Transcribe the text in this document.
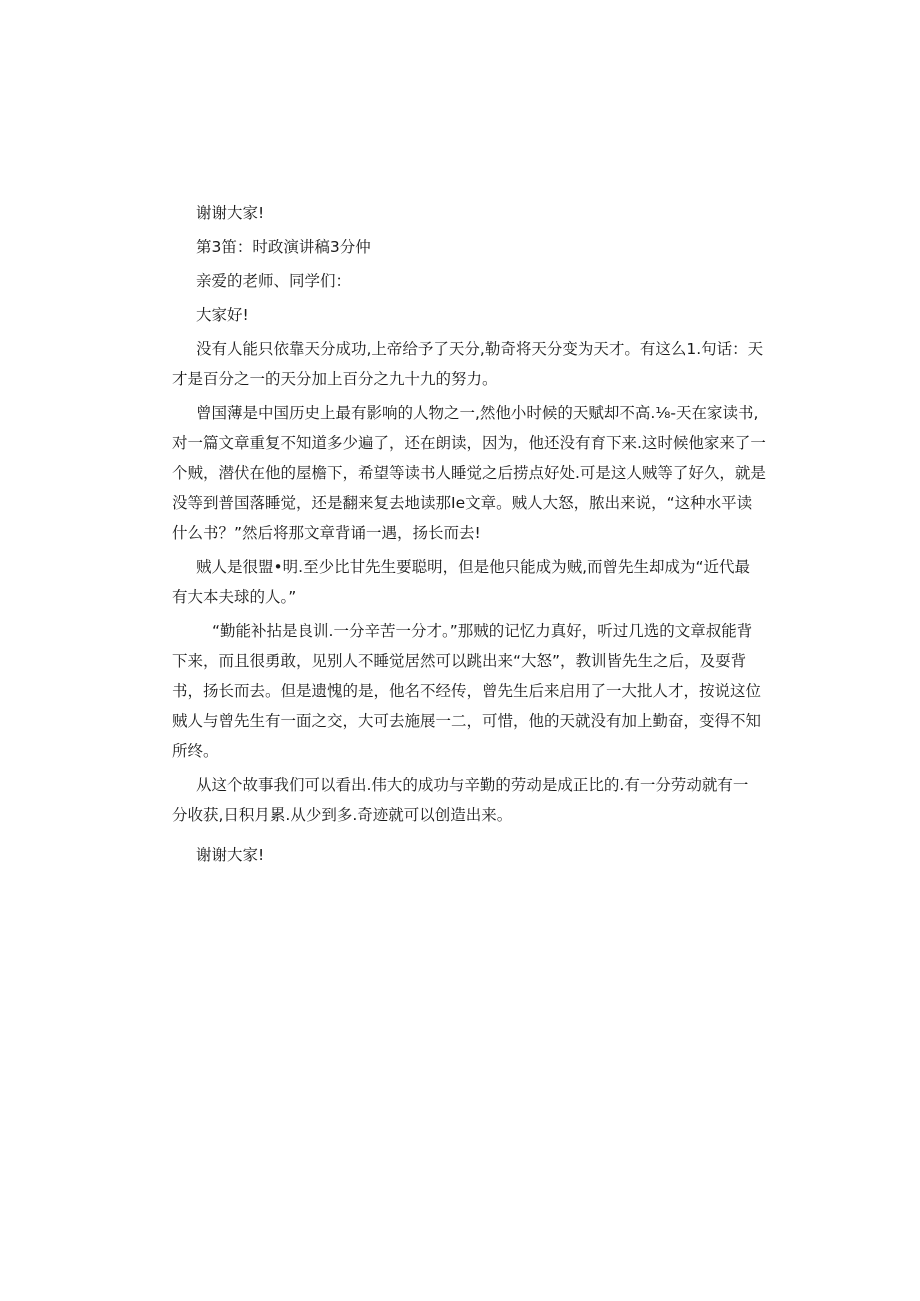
谢谢大家!
第3笛：时政演讲稿3分仲
亲爱的老师、同学们：
大家好!
没有人能只依靠天分成功,上帝给予了天分,勒奇将天分变为天才。有这么1.句话：天
才是百分之一的天分加上百分之九十九的努力。
曾国薄是中国历史上最有影响的人物之一,然他小时候的天赋却不高.⅛-天在家读书,
对一篇文章重复不知道多少遍了，还在朗读，因为，他还没有育下来.这时候他家来了一
个贼，潜伏在他的屋檐下，希望等读书人睡觉之后捞点好处.可是这人贼等了好久，就是
没等到普国落睡觉，还是翻来复去地读那Ie文章。贼人大怒，脓出来说，“这种水平读
什么书？”然后将那文章背诵一遇，扬长而去!
贼人是很盟•明.至少比甘先生要聪明，但是他只能成为贼,而曾先生却成为“近代最
有大本夫球的人。”
“勤能补拈是良训.一分辛苦一分才。”那贼的记忆力真好，听过几选的文章叔能背
下来，而且很勇敢，见别人不睡觉居然可以跳出来“大怒”，教训皆先生之后，及耍背
书，扬长而去。但是遗愧的是，他名不经传，曾先生后来启用了一大批人才，按说这位
贼人与曾先生有一面之交，大可去施展一二，可惜，他的天就没有加上勤奋，变得不知
所终。
从这个故事我们可以看出.伟大的成功与辛勤的劳动是成正比的.有一分劳动就有一
分收获,日积月累.从少到多.奇迹就可以创造出来。
谢谢大家!
